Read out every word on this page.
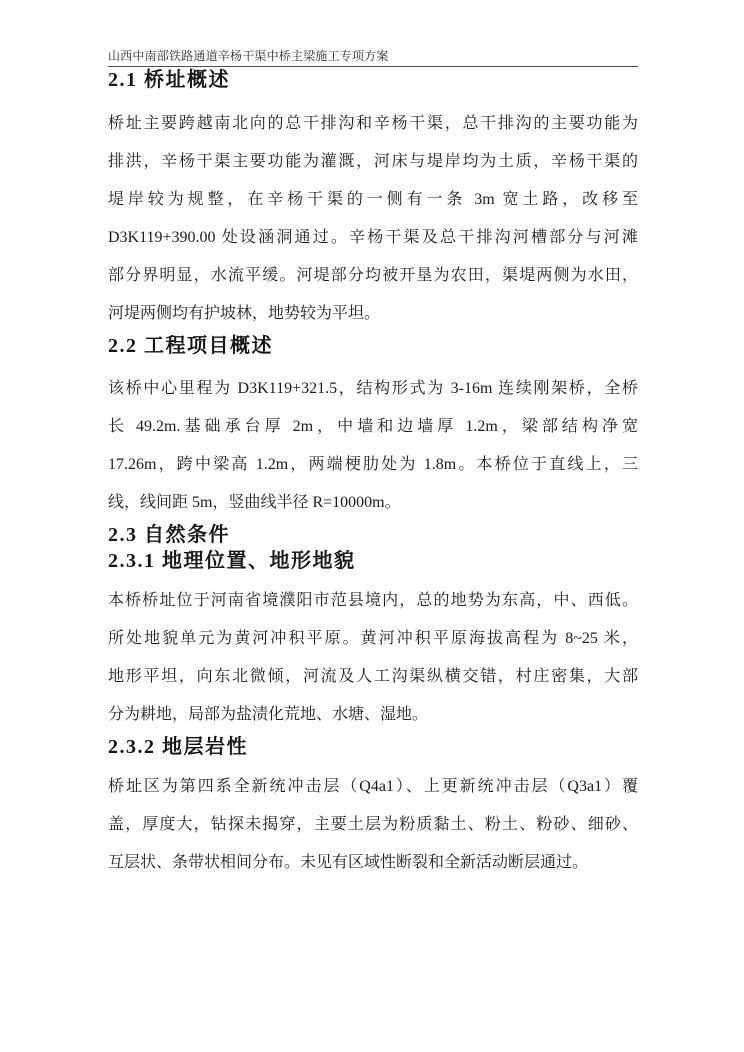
山西中南部铁路通道辛杨干渠中桥主梁施工专项方案
2.1 桥址概述
桥址主要跨越南北向的总干排沟和辛杨干渠，总干排沟的主要功能为
排洪，辛杨干渠主要功能为灌溉，河床与堤岸均为土质，辛杨干渠的
堤岸较为规整，在辛杨干渠的一侧有一条 3m 宽土路，改移至
D3K119+390.00 处设涵洞通过。辛杨干渠及总干排沟河槽部分与河滩
部分界明显，水流平缓。河堤部分均被开垦为农田，渠堤两侧为水田，
河堤两侧均有护坡林，地势较为平坦。
2.2 工程项目概述
该桥中心里程为 D3K119+321.5，结构形式为 3-16m 连续刚架桥，全桥
长 49.2m.基础承台厚 2m，中墙和边墙厚 1.2m，梁部结构净宽
17.26m，跨中梁高 1.2m，两端梗肋处为 1.8m。本桥位于直线上，三
线，线间距 5m，竖曲线半径 R=10000m。
2.3 自然条件
2.3.1 地理位置、地形地貌
本桥桥址位于河南省境濮阳市范县境内，总的地势为东高，中、西低。
所处地貌单元为黄河冲积平原。黄河冲积平原海拔高程为 8~25 米，
地形平坦，向东北微倾，河流及人工沟渠纵横交错，村庄密集，大部
分为耕地，局部为盐渍化荒地、水塘、湿地。
2.3.2 地层岩性
桥址区为第四系全新统冲击层（Q4a1）、上更新统冲击层（Q3a1）覆
盖，厚度大，钻探未揭穿，主要土层为粉质黏土、粉土、粉砂、细砂、
互层状、条带状相间分布。未见有区域性断裂和全新活动断层通过。
